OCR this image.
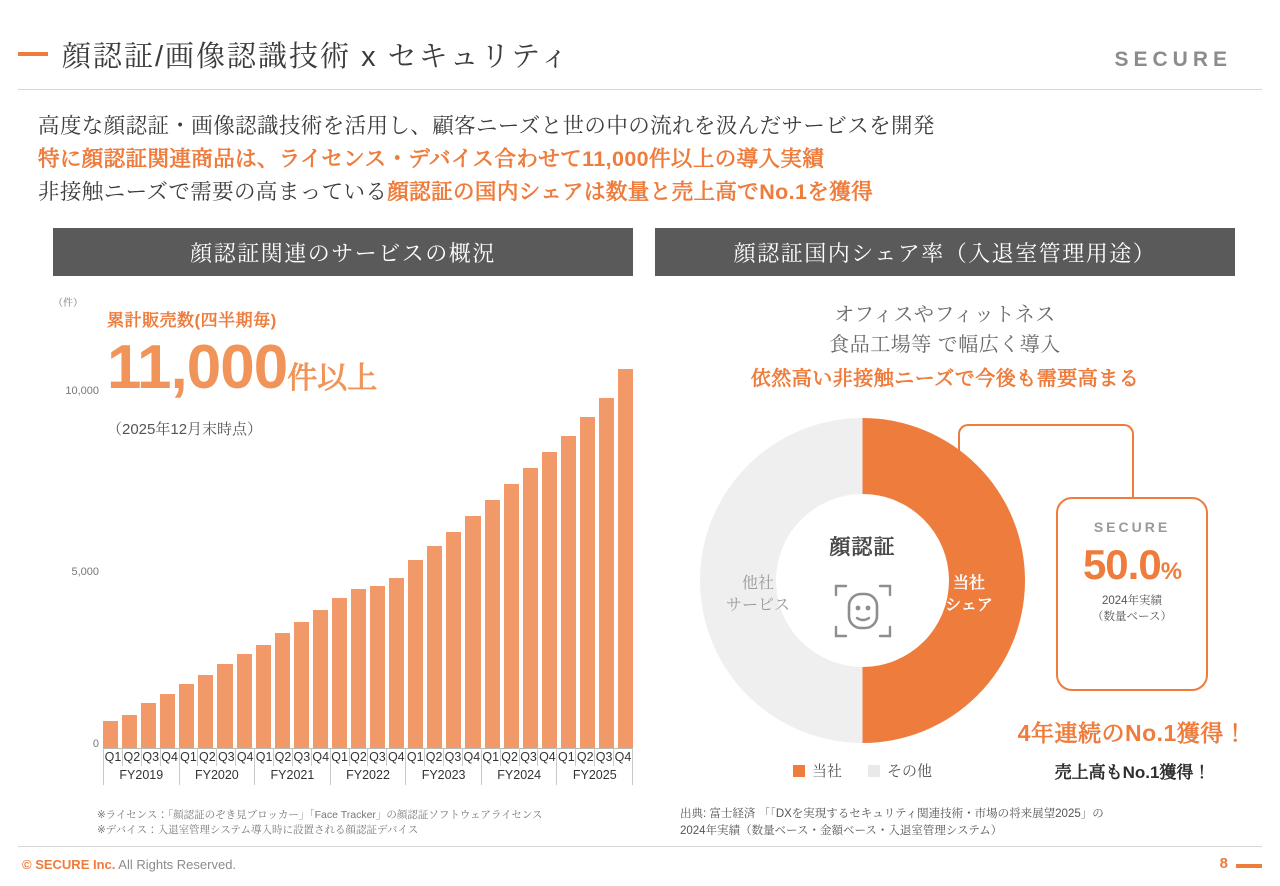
顔認証/画像認識技術 x セキュリティ	SECURE
高度な顔認証・画像認識技術を活用し、顧客ニーズと世の中の流れを汲んだサービスを開発
特に顔認証関連商品は、ライセンス・デバイス合わせて11,000件以上の導入実績
非接触ニーズで需要の高まっている顔認証の国内シェアは数量と売上高でNo.1を獲得
顔認証関連のサービスの概況	顔認証国内シェア率（入退室管理用途）
（件）
10,000
5,000
0
累計販売数(四半期毎)
11,000件以上
（2025年12月末時点）
Q1 Q2 Q3 Q4 Q1 Q2 Q3 Q4 Q1 Q2 Q3 Q4 Q1 Q2 Q3 Q4 Q1 Q2 Q3 Q4 Q1 Q2 Q3 Q4 Q1 Q2 Q3 Q4
FY2019	FY2020	FY2021	FY2022	FY2023	FY2024	FY2025
※ライセンス：「顔認証のぞき見ブロッカー」「Face Tracker」の顔認証ソフトウェアライセンス
※デバイス：入退室管理システム導入時に設置される顔認証デバイス
オフィスやフィットネス
食品工場等 で幅広く導入
依然高い非接触ニーズで今後も需要高まる
顔認証
他社
サービス
当社
シェア
当社	その他
SECURE
50.0%
2024年実績
（数量ベース）
4年連続のNo.1獲得！
売上高もNo.1獲得！
出典: 富士経済 「「DXを実現するセキュリティ関連技術・市場の将来展望2025」の
2024年実績（数量ベース・金額ベース・入退室管理システム）
© SECURE Inc. All Rights Reserved.	8
